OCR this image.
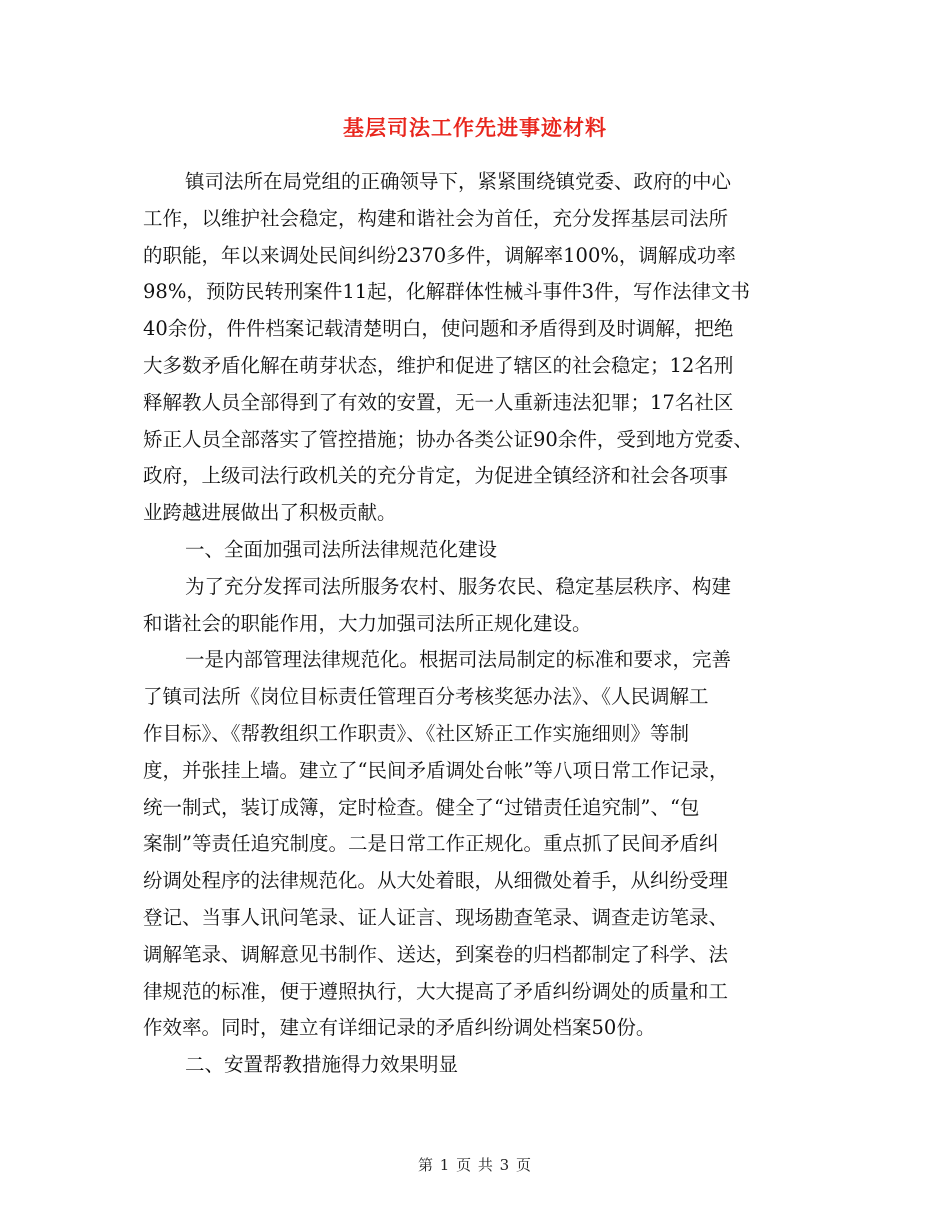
基层司法工作先进事迹材料
镇司法所在局党组的正确领导下，紧紧围绕镇党委、政府的中心
工作，以维护社会稳定，构建和谐社会为首任，充分发挥基层司法所
的职能，年以来调处民间纠纷2370多件，调解率100%，调解成功率
98%，预防民转刑案件11起，化解群体性械斗事件3件，写作法律文书
40余份，件件档案记载清楚明白，使问题和矛盾得到及时调解，把绝
大多数矛盾化解在萌芽状态，维护和促进了辖区的社会稳定；12名刑
释解教人员全部得到了有效的安置，无一人重新违法犯罪；17名社区
矫正人员全部落实了管控措施；协办各类公证90余件，受到地方党委、
政府，上级司法行政机关的充分肯定，为促进全镇经济和社会各项事
业跨越进展做出了积极贡献。
一、全面加强司法所法律规范化建设
为了充分发挥司法所服务农村、服务农民、稳定基层秩序、构建
和谐社会的职能作用，大力加强司法所正规化建设。
一是内部管理法律规范化。根据司法局制定的标准和要求，完善
了镇司法所《岗位目标责任管理百分考核奖惩办法》、《人民调解工
作目标》、《帮教组织工作职责》、《社区矫正工作实施细则》等制
度，并张挂上墙。建立了“民间矛盾调处台帐”等八项日常工作记录，
统一制式，装订成簿，定时检查。健全了“过错责任追究制”、“包
案制”等责任追究制度。二是日常工作正规化。重点抓了民间矛盾纠
纷调处程序的法律规范化。从大处着眼，从细微处着手，从纠纷受理
登记、当事人讯问笔录、证人证言、现场勘查笔录、调查走访笔录、
调解笔录、调解意见书制作、送达，到案卷的归档都制定了科学、法
律规范的标准，便于遵照执行，大大提高了矛盾纠纷调处的质量和工
作效率。同时，建立有详细记录的矛盾纠纷调处档案50份。
二、安置帮教措施得力效果明显
第 1 页 共 3 页
